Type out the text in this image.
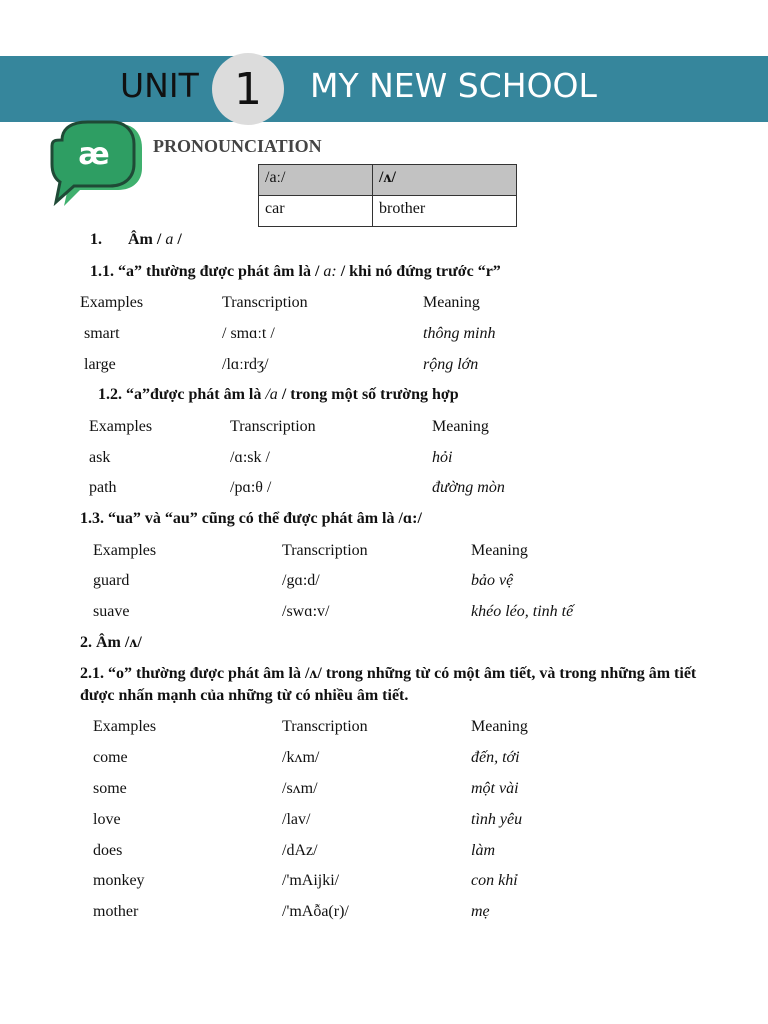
UNIT 1	MY NEW SCHOOL
æ PRONOUNCIATION
/aː/	/ʌ/
car	brother
1. Âm / a /
1.1. “a” thường được phát âm là / a: / khi nó đứng trước “r”
Examples	Transcription	Meaning
smart	/ smɑːt /	thông minh
large	/lɑːrdʒ/	rộng lớn
1.2. “a”được phát âm là /a / trong một số trường hợp
Examples	Transcription	Meaning
ask	/ɑ:sk /	hỏi
path	/pɑ:θ /	đường mòn
1.3. “ua” và “au” cũng có thể được phát âm là /ɑ:/
Examples	Transcription	Meaning
guard	/gɑ:d/	bảo vệ
suave	/swɑ:v/	khéo léo, tinh tế
2. Âm /ʌ/
2.1. “o” thường được phát âm là /ʌ/ trong những từ có một âm tiết, và trong những âm tiết được nhấn mạnh của những từ có nhiều âm tiết.
Examples	Transcription	Meaning
come	/kʌm/	đến, tới
some	/sʌm/	một vài
love	/lav/	tình yêu
does	/dAz/	làm
monkey	/'mAijki/	con khỉ
mother	/'mAỗa(r)/	mẹ
